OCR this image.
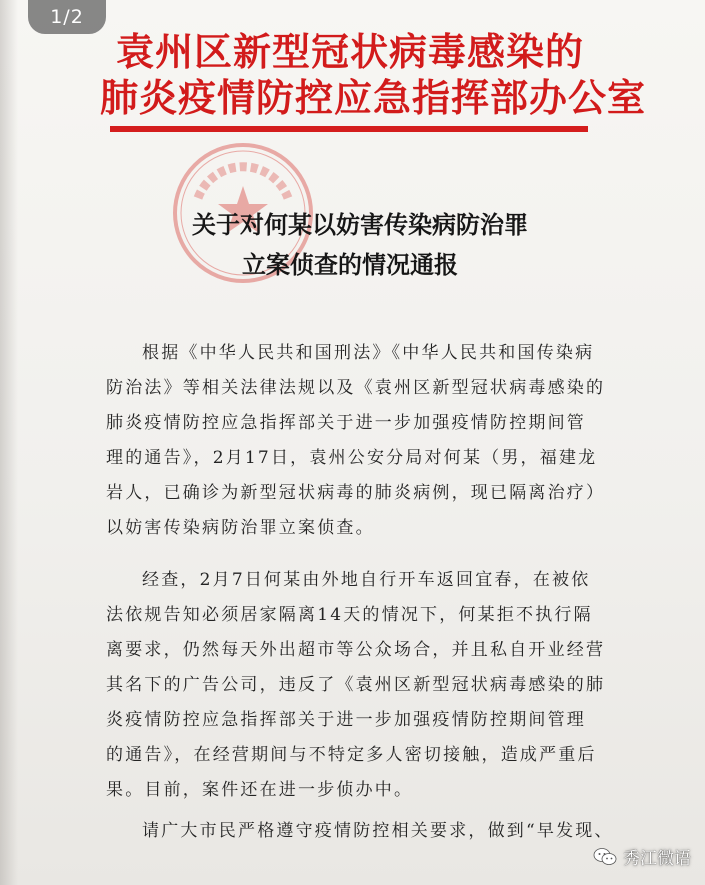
袁州区新型冠状病毒感染的
肺炎疫情防控应急指挥部办公室
关于对何某以妨害传染病防治罪
立案侦查的情况通报
根据《中华人民共和国刑法》《中华人民共和国传染病
防治法》等相关法律法规以及《袁州区新型冠状病毒感染的
肺炎疫情防控应急指挥部关于进一步加强疫情防控期间管
理的通告》，2月17日，袁州公安分局对何某（男，福建龙
岩人，已确诊为新型冠状病毒的肺炎病例，现已隔离治疗）
以妨害传染病防治罪立案侦查。
经查，2月7日何某由外地自行开车返回宜春，在被依
法依规告知必须居家隔离14天的情况下，何某拒不执行隔
离要求，仍然每天外出超市等公众场合，并且私自开业经营
其名下的广告公司，违反了《袁州区新型冠状病毒感染的肺
炎疫情防控应急指挥部关于进一步加强疫情防控期间管理
的通告》，在经营期间与不特定多人密切接触，造成严重后
果。目前，案件还在进一步侦办中。
请广大市民严格遵守疫情防控相关要求，做到“早发现、
1/2
秀江微语
